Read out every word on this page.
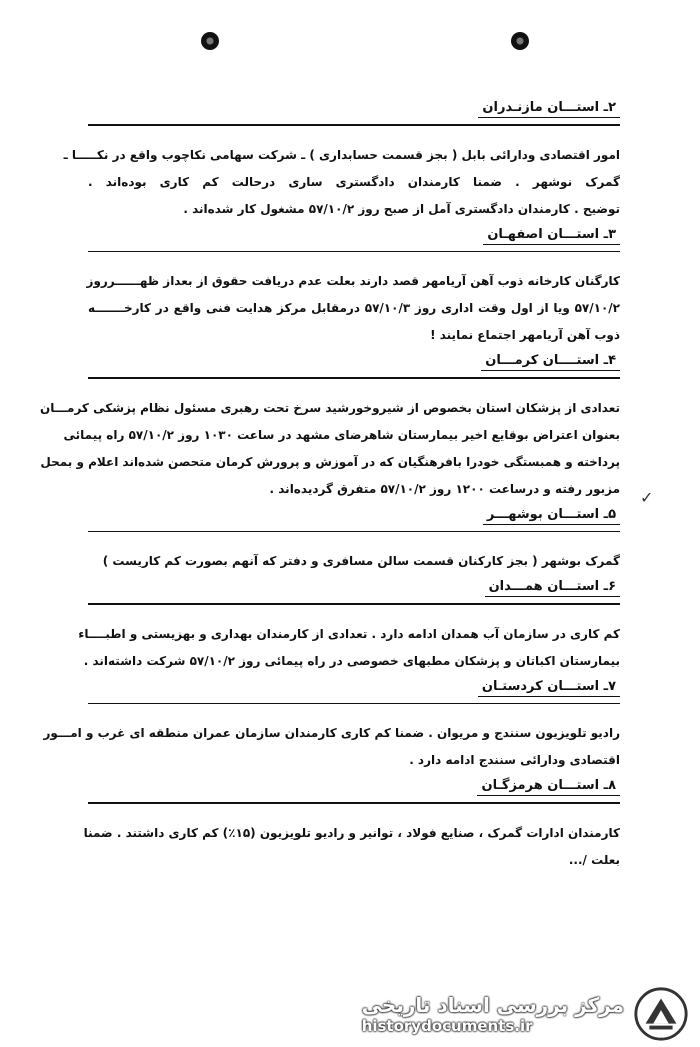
۲ـ استـــان مازنـدران
امور اقتصادی ودارائی بابل ( بجز قسمت حسابداری ) ـ شرکت سهامی نکاچوب واقع در نکـــــا ـ
گمرک نوشهر . ضمنا کارمندان دادگستری ساری درحالت کم کاری بوده‌اند .
توضیح . کارمندان دادگستری آمل از صبح روز ۵۷/۱۰/۲ مشغول کار شده‌اند .
۳ـ استـــان اصفهـان
کارگنان کارخانه ذوب آهن آریامهر قصد دارند بعلت عدم دریافت حقوق از بعداز ظهــــــرروز
۵۷/۱۰/۲ ویا از اول وقت اداری روز ۵۷/۱۰/۳ درمقابل مرکز هدایت فنی واقع در کارخـــــــه
ذوب آهن آریامهر اجتماع نمایند !
۴ـ استــــان کرمـــان
تعدادی از پزشکان استان بخصوص از شیروخورشید سرخ تحت رهبری مسئول نظام پزشکی کرمـــان
بعنوان اعتراض بوقایع اخیر بیمارستان شاهرضای مشهد در ساعت ۱۰۳۰ روز ۵۷/۱۰/۲ راه پیمائی
پرداخته و همبستگی خودرا بافرهنگیان که در آموزش و پرورش کرمان متحصن شده‌اند اعلام و بمحل
مزبور رفته و درساعت ۱۲۰۰ روز ۵۷/۱۰/۲ متفرق گردیده‌اند .
۵ـ استـــان بوشهـــر
گمرک بوشهر ( بجز کارکنان قسمت سالن مسافری و دفتر که آنهم بصورت کم کاریست )
۶ـ استـــان همـــدان
کم کاری در سازمان آب همدان ادامه دارد . تعدادی از کارمندان بهداری و بهزیستی و اطبــــاء
بیمارستان اکباتان و پزشکان مطبهای خصوصی در راه پیمائی روز ۵۷/۱۰/۲ شرکت داشته‌اند .
۷ـ استـــان کردستـان
رادیو تلویزیون سنندج و مریوان . ضمنا کم کاری کارمندان سازمان عمران منطقه ای غرب و امـــور
اقتصادی ودارائی سنندج ادامه دارد .
۸ـ استـــان هرمزگـان
کارمندان ادارات گمرک ، صنایع فولاد ، توانیر و رادیو تلویزیون (۱۵٪) کم کاری داشتند . ضمنا
بعلت /...
✓
مرکز بررسی اسناد تاریخی
historydocuments.ir
